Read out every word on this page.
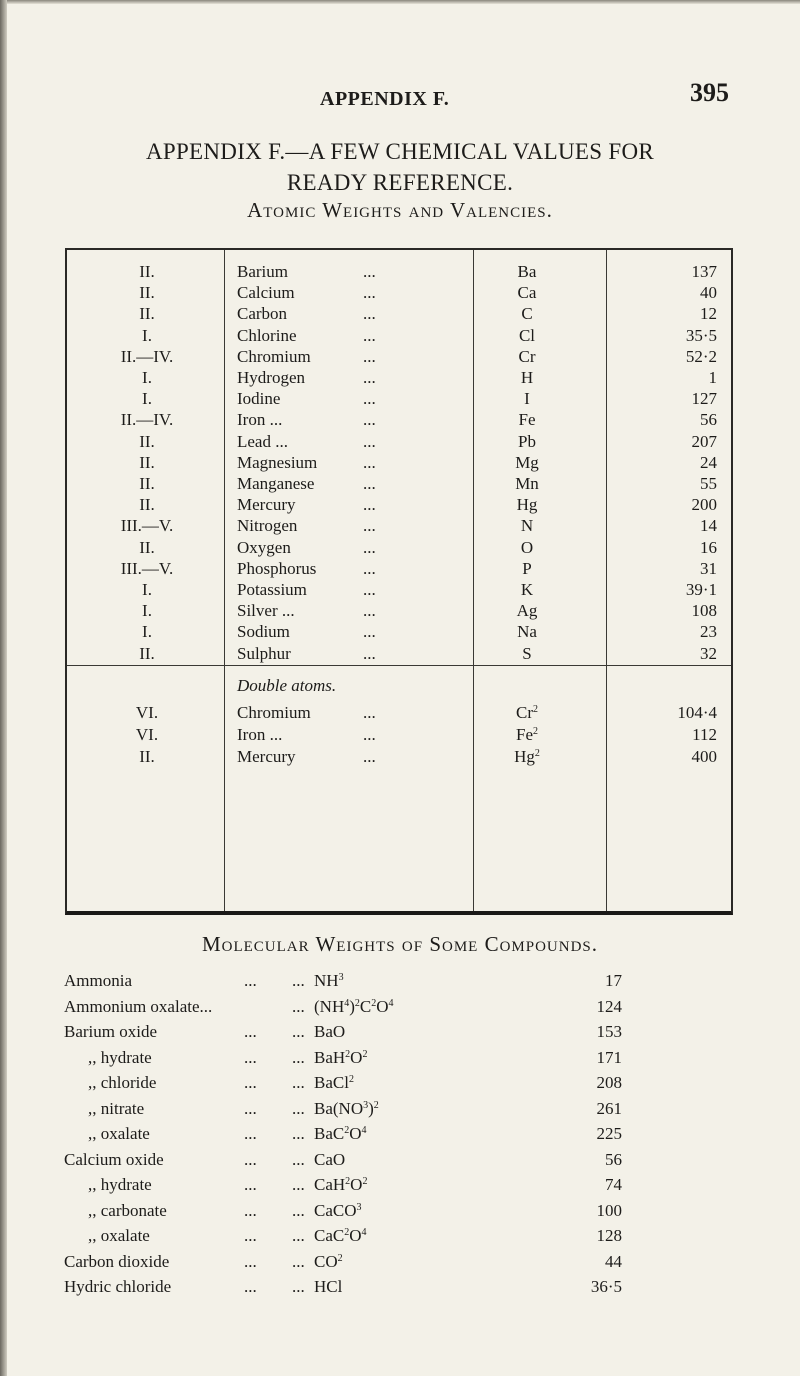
APPENDIX F.	395
APPENDIX F.—A FEW CHEMICAL VALUES FOR
READY REFERENCE.
Atomic Weights and Valencies.
Double atoms.
II.	Barium	...	Ba	137
II.	Calcium	...	Ca	40
II.	Carbon	...	C	12
I.	Chlorine	...	Cl	35·5
II.—IV.	Chromium	...	Cr	52·2
I.	Hydrogen	...	H	1
I.	Iodine	...	I	127
II.—IV.	Iron ...	...	Fe	56
II.	Lead ...	...	Pb	207
II.	Magnesium	...	Mg	24
II.	Manganese	...	Mn	55
II.	Mercury	...	Hg	200
III.—V.	Nitrogen	...	N	14
II.	Oxygen	...	O	16
III.—V.	Phosphorus	...	P	31
I.	Potassium	...	K	39·1
I.	Silver ...	...	Ag	108
I.	Sodium	...	Na	23
II.	Sulphur	...	S	32
VI.	Chromium	...	Cr$^2$	104·4
VI.	Iron ...	...	Fe$^2$	112
II.	Mercury	...	Hg$^2$	400
Molecular Weights of Some Compounds.
Ammonia	...	... $NH^3$	17
Ammonium oxalate...	... $(NH^4)^2C^2O^4$	124
Barium oxide	...	... BaO	153
,, hydrate	...	... $BaH^2O^2$	171
,, chloride	...	... BaCl$^2$	208
,, nitrate	...	... $Ba(NO^3)^2$	261
,, oxalate	...	... $BaC^2O^4$	225
Calcium oxide	...	... CaO	56
,, hydrate	...	... $CaH^2O^2$	74
,, carbonate	...	... CaCO$^3$	100
,, oxalate	...	... $CaC^2O^4$	128
Carbon dioxide	...	... $CO^2$	44
Hydric chloride	...	... HCl	36·5
